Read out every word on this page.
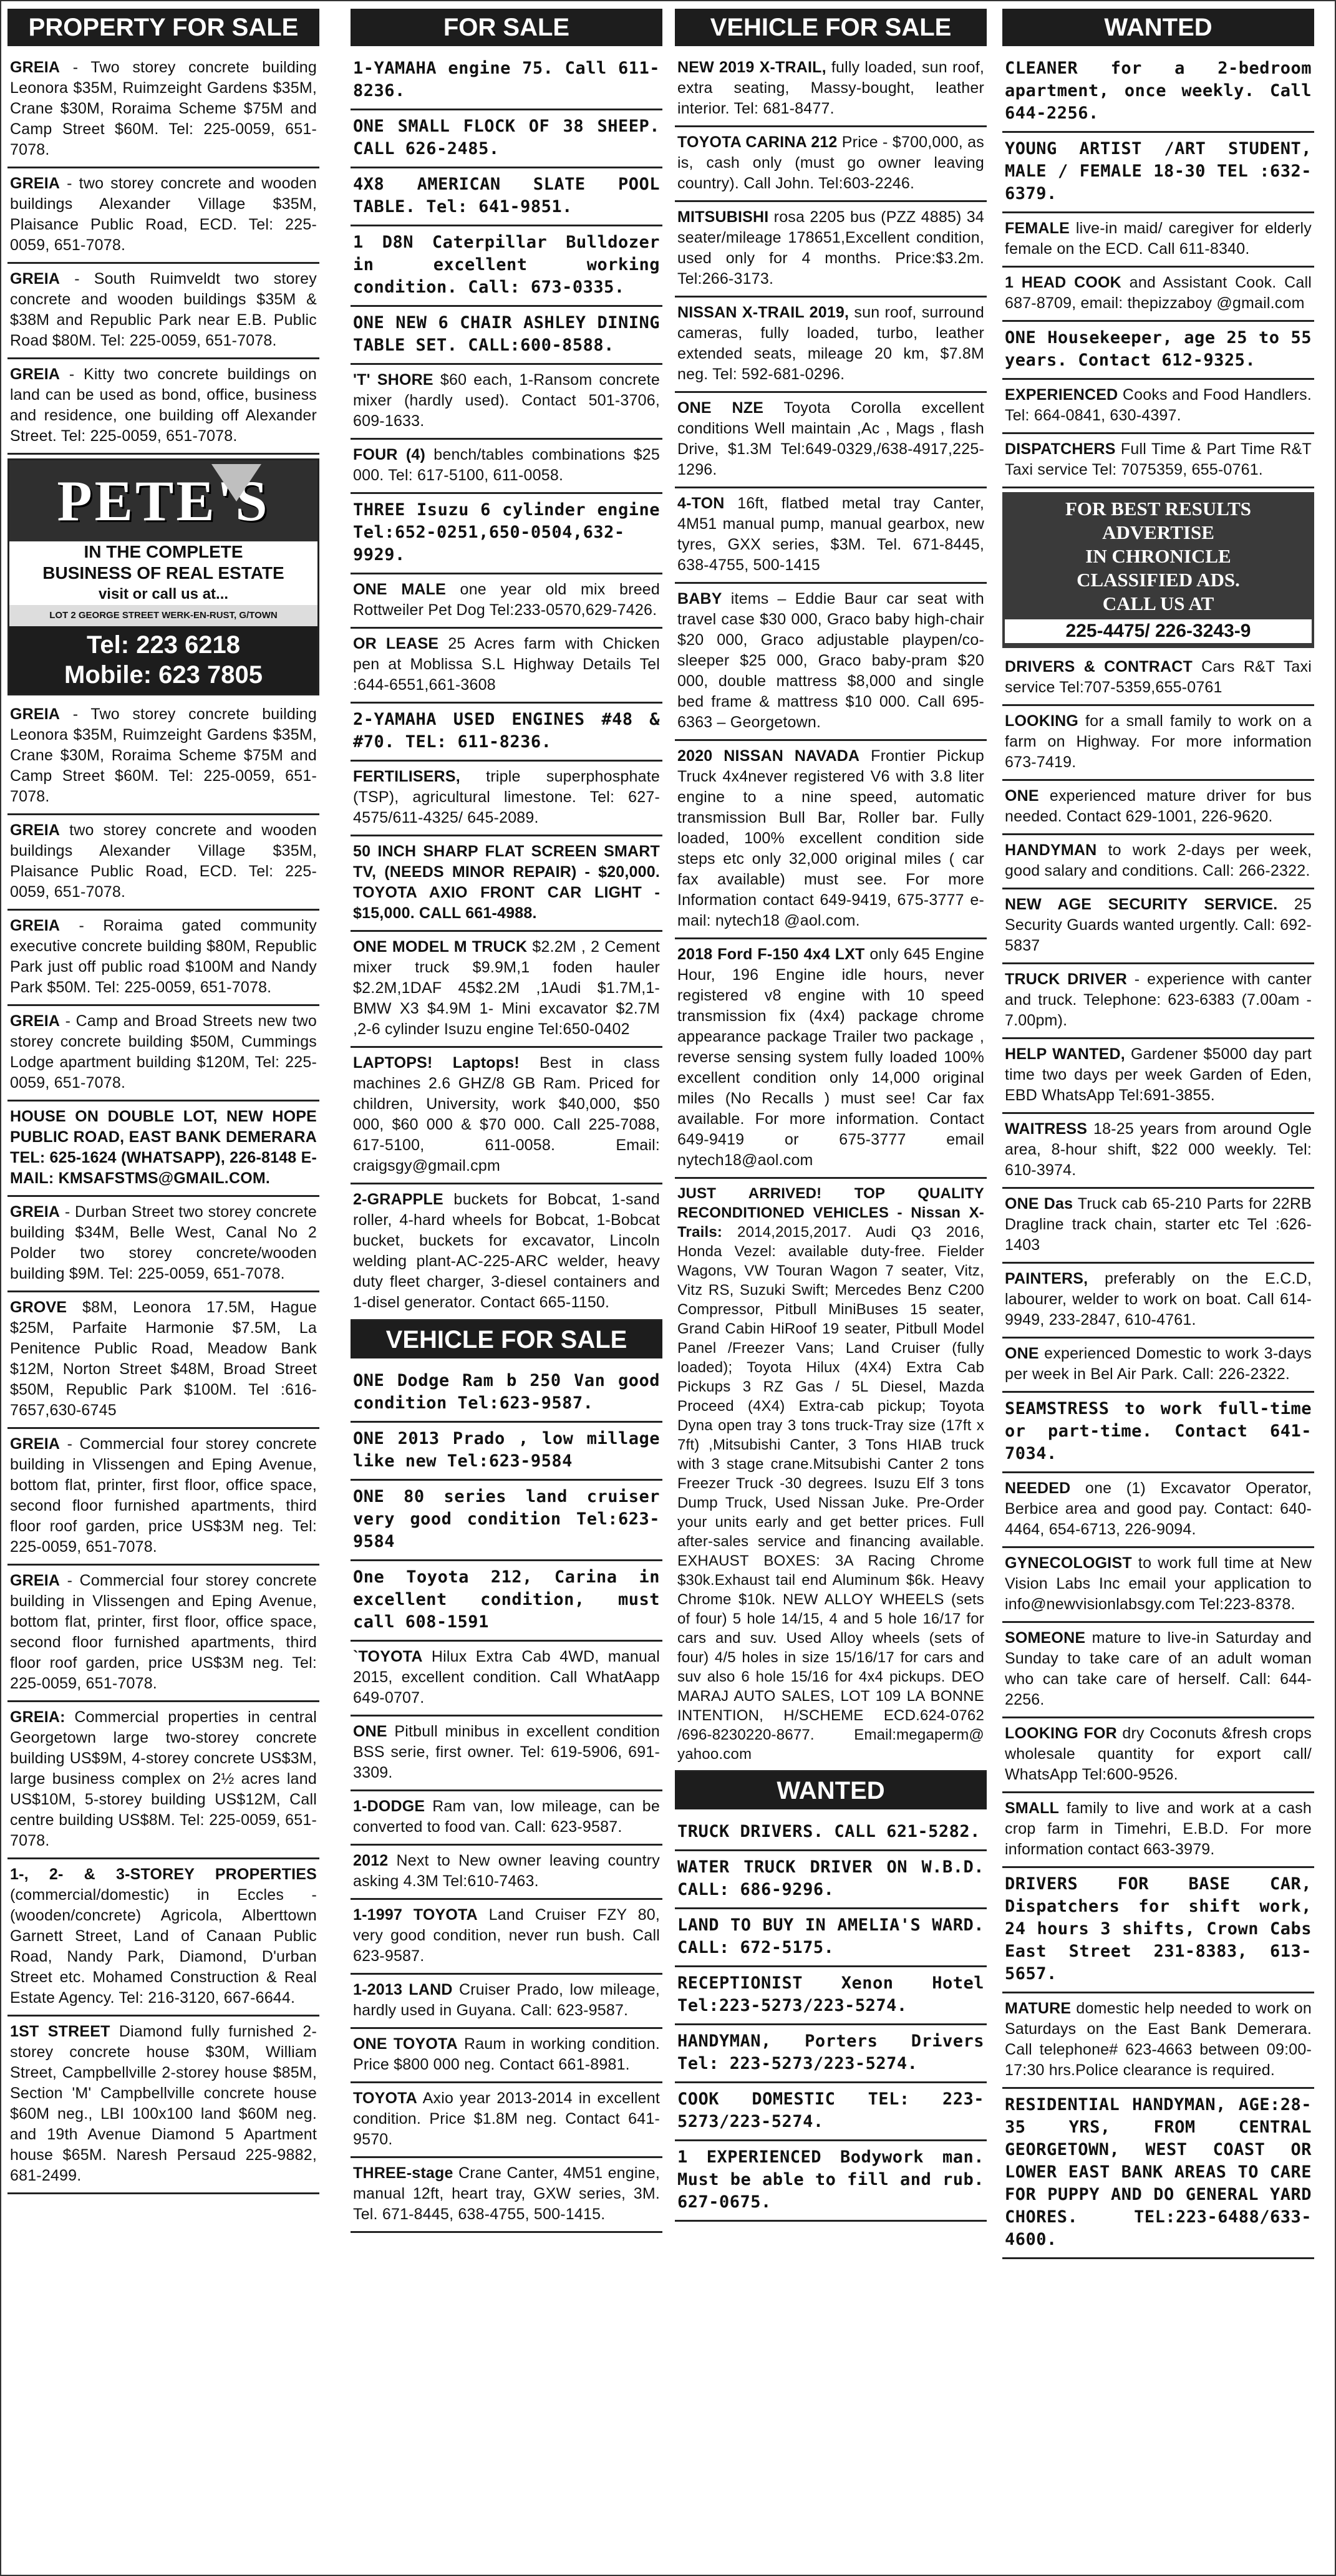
PROPERTY FOR SALE
GREIA - Two storey concrete building Leonora $35M, Ruimzeight Gardens $35M, Crane $30M, Roraima Scheme $75M and Camp Street $60M. Tel: 225-0059, 651-7078.
GREIA - two storey concrete and wooden buildings Alexander Village $35M, Plaisance Public Road, ECD. Tel: 225-0059, 651-7078.
GREIA - South Ruimveldt two storey concrete and wooden buildings $35M & $38M and Republic Park near E.B. Public Road $80M. Tel: 225-0059, 651-7078.
GREIA - Kitty two concrete buildings on land can be used as bond, office, business and residence, one building off Alexander Street. Tel: 225-0059, 651-7078.
PETE'S
IN THE COMPLETE
BUSINESS OF REAL ESTATE
visit or call us at...
LOT 2 GEORGE STREET WERK-EN-RUST, G/TOWN
Tel: 223 6218
Mobile: 623 7805
GREIA - Two storey concrete building Leonora $35M, Ruimzeight Gardens $35M, Crane $30M, Roraima Scheme $75M and Camp Street $60M. Tel: 225-0059, 651-7078.
GREIA two storey concrete and wooden buildings Alexander Village $35M, Plaisance Public Road, ECD. Tel: 225-0059, 651-7078.
GREIA - Roraima gated community executive concrete building $80M, Republic Park just off public road $100M and Nandy Park $50M. Tel: 225-0059, 651-7078.
GREIA - Camp and Broad Streets new two storey concrete building $50M, Cummings Lodge apartment building $120M, Tel: 225-0059, 651-7078.
HOUSE ON DOUBLE LOT, NEW HOPE PUBLIC ROAD, EAST BANK DEMERARA TEL: 625-1624 (WHATSAPP), 226-8148 E-MAIL: KMSAFSTMS@GMAIL.COM.
GREIA - Durban Street two storey concrete building $34M, Belle West, Canal No 2 Polder two storey concrete/wooden building $9M. Tel: 225-0059, 651-7078.
GROVE $8M, Leonora 17.5M, Hague $25M, Parfaite Harmonie $7.5M, La Penitence Public Road, Meadow Bank $12M, Norton Street $48M, Broad Street $50M, Republic Park $100M. Tel :616-7657,630-6745
GREIA - Commercial four storey concrete building in Vlissengen and Eping Avenue, bottom flat, printer, first floor, office space, second floor furnished apartments, third floor roof garden, price US$3M neg. Tel: 225-0059, 651-7078.
GREIA - Commercial four storey concrete building in Vlissengen and Eping Avenue, bottom flat, printer, first floor, office space, second floor furnished apartments, third floor roof garden, price US$3M neg. Tel: 225-0059, 651-7078.
GREIA: Commercial properties in central Georgetown large two-storey concrete building US$9M, 4-storey concrete US$3M, large business complex on 2½ acres land US$10M, 5-storey building US$12M, Call centre building US$8M. Tel: 225-0059, 651-7078.
1-, 2- & 3-STOREY PROPERTIES (commercial/domestic) in Eccles - (wooden/concrete) Agricola, Alberttown Garnett Street, Land of Canaan Public Road, Nandy Park, Diamond, D'urban Street etc. Mohamed Construction & Real Estate Agency. Tel: 216-3120, 667-6644.
1ST STREET Diamond fully furnished 2-storey concrete house $30M, William Street, Campbellville 2-storey house $85M, Section 'M' Campbellville concrete house $60M neg., LBI 100x100 land $60M neg. and 19th Avenue Diamond 5 Apartment house $65M. Naresh Persaud 225-9882, 681-2499.
FOR SALE
1-YAMAHA engine 75. Call 611-8236.
ONE SMALL FLOCK OF 38 SHEEP. CALL 626-2485.
4X8 AMERICAN SLATE POOL TABLE. Tel: 641-9851.
1 D8N Caterpillar Bulldozer in excellent working condition. Call: 673-0335.
ONE NEW 6 CHAIR ASHLEY DINING TABLE SET. CALL:600-8588.
'T' SHORE $60 each, 1-Ransom concrete mixer (hardly used). Contact 501-3706, 609-1633.
FOUR (4) bench/tables combinations $25 000. Tel: 617-5100, 611-0058.
THREE Isuzu 6 cylinder engine Tel:652-0251,650-0504,632-9929.
ONE MALE one year old mix breed Rottweiler Pet Dog Tel:233-0570,629-7426.
OR LEASE 25 Acres farm with Chicken pen at Moblissa S.L Highway Details Tel :644-6551,661-3608
2-YAMAHA USED ENGINES #48 & #70. TEL: 611-8236.
FERTILISERS, triple superphosphate (TSP), agricultural limestone. Tel: 627-4575/611-4325/ 645-2089.
50 INCH SHARP FLAT SCREEN SMART TV, (NEEDS MINOR REPAIR) - $20,000. TOYOTA AXIO FRONT CAR LIGHT - $15,000. CALL 661-4988.
ONE MODEL M TRUCK $2.2M , 2 Cement mixer truck $9.9M,1 foden hauler $2.2M,1DAF 45$2.2M ,1Audi $1.7M,1-BMW X3 $4.9M 1- Mini excavator $2.7M ,2-6 cylinder Isuzu engine Tel:650-0402
LAPTOPS! Laptops! Best in class machines 2.6 GHZ/8 GB Ram. Priced for children, University, work $40,000, $50 000, $60 000 & $70 000. Call 225-7088, 617-5100, 611-0058. Email: craigsgy@gmail.cpm
2-GRAPPLE buckets for Bobcat, 1-sand roller, 4-hard wheels for Bobcat, 1-Bobcat bucket, buckets for excavator, Lincoln welding plant-AC-225-ARC welder, heavy duty fleet charger, 3-diesel containers and 1-disel generator. Contact 665-1150.
VEHICLE FOR SALE
ONE Dodge Ram b 250 Van good condition Tel:623-9587.
ONE 2013 Prado , low millage like new Tel:623-9584
ONE 80 series land cruiser very good condition Tel:623-9584
One Toyota 212, Carina in excellent condition, must call 608-1591
`TOYOTA Hilux Extra Cab 4WD, manual 2015, excellent condition. Call WhatAapp 649-0707.
ONE Pitbull minibus in excellent condition BSS serie, first owner. Tel: 619-5906, 691-3309.
1-DODGE Ram van, low mileage, can be converted to food van. Call: 623-9587.
2012 Next to New owner leaving country asking 4.3M Tel:610-7463.
1-1997 TOYOTA Land Cruiser FZY 80, very good condition, never run bush. Call 623-9587.
1-2013 LAND Cruiser Prado, low mileage, hardly used in Guyana. Call: 623-9587.
ONE TOYOTA Raum in working condition. Price $800 000 neg. Contact 661-8981.
TOYOTA Axio year 2013-2014 in excellent condition. Price $1.8M neg. Contact 641-9570.
THREE-stage Crane Canter, 4M51 engine, manual 12ft, heart tray, GXW series, 3M. Tel. 671-8445, 638-4755, 500-1415.
VEHICLE FOR SALE
NEW 2019 X-TRAIL, fully loaded, sun roof, extra seating, Massy-bought, leather interior. Tel: 681-8477.
TOYOTA CARINA 212 Price - $700,000, as is, cash only (must go owner leaving country). Call John. Tel:603-2246.
MITSUBISHI rosa 2205 bus (PZZ 4885) 34 seater/mileage 178651,Excellent condition, used only for 4 months. Price:$3.2m. Tel:266-3173.
NISSAN X-TRAIL 2019, sun roof, surround cameras, fully loaded, turbo, leather extended seats, mileage 20 km, $7.8M neg. Tel: 592-681-0296.
ONE NZE Toyota Corolla excellent conditions Well maintain ,Ac , Mags , flash Drive, $1.3M Tel:649-0329,/638-4917,225-1296.
4-TON 16ft, flatbed metal tray Canter, 4M51 manual pump, manual gearbox, new tyres, GXX series, $3M. Tel. 671-8445, 638-4755, 500-1415
BABY items – Eddie Baur car seat with travel case $30 000, Graco baby high-chair $20 000, Graco adjustable playpen/co-sleeper $25 000, Graco baby-pram $20 000, double mattress $8,000 and single bed frame & mattress $10 000. Call 695-6363 – Georgetown.
2020 NISSAN NAVADA Frontier Pickup Truck 4x4never registered V6 with 3.8 liter engine to a nine speed, automatic transmission Bull Bar, Roller bar. Fully loaded, 100% excellent condition side steps etc only 32,000 original miles ( car fax available) must see. For more Information contact 649-9419, 675-3777 e-mail: nytech18 @aol.com.
2018 Ford F-150 4x4 LXT only 645 Engine Hour, 196 Engine idle hours, never registered v8 engine with 10 speed transmission fix (4x4) package chrome appearance package Trailer two package , reverse sensing system fully loaded 100% excellent condition only 14,000 original miles (No Recalls ) must see! Car fax available. For more information. Contact 649-9419 or 675-3777 email nytech18@aol.com
JUST ARRIVED! TOP QUALITY RECONDITIONED VEHICLES - Nissan X-Trails: 2014,2015,2017. Audi Q3 2016, Honda Vezel: available duty-free. Fielder Wagons, VW Touran Wagon 7 seater, Vitz, Vitz RS, Suzuki Swift; Mercedes Benz C200 Compressor, Pitbull MiniBuses 15 seater, Grand Cabin HiRoof 19 seater, Pitbull Model Panel /Freezer Vans; Land Cruiser (fully loaded); Toyota Hilux (4X4) Extra Cab Pickups 3 RZ Gas / 5L Diesel, Mazda Proceed (4X4) Extra-cab pickup; Toyota Dyna open tray 3 tons truck-Tray size (17ft x 7ft) ,Mitsubishi Canter, 3 Tons HIAB truck with 3 stage crane.Mitsubishi Canter 2 tons Freezer Truck -30 degrees. Isuzu Elf 3 tons Dump Truck, Used Nissan Juke. Pre-Order your units early and get better prices. Full after-sales service and financing available. EXHAUST BOXES: 3A Racing Chrome $30k.Exhaust tail end Aluminum $6k. Heavy Chrome $10k. NEW ALLOY WHEELS (sets of four) 5 hole 14/15, 4 and 5 hole 16/17 for cars and suv. Used Alloy wheels (sets of four) 4/5 holes in size 15/16/17 for cars and suv also 6 hole 15/16 for 4x4 pickups. DEO MARAJ AUTO SALES, LOT 109 LA BONNE INTENTION, H/SCHEME ECD.624-0762 /696-8230220-8677. Email:megaperm@ yahoo.com
WANTED
TRUCK DRIVERS. CALL 621-5282.
WATER TRUCK DRIVER ON W.B.D. CALL: 686-9296.
LAND TO BUY IN AMELIA'S WARD. CALL: 672-5175.
RECEPTIONIST Xenon Hotel Tel:223-5273/223-5274.
HANDYMAN, Porters Drivers Tel: 223-5273/223-5274.
COOK DOMESTIC TEL: 223-5273/223-5274.
1 EXPERIENCED Bodywork man. Must be able to fill and rub. 627-0675.
WANTED
CLEANER for a 2-bedroom apartment, once weekly. Call 644-2256.
YOUNG ARTIST /ART STUDENT, MALE / FEMALE 18-30 TEL :632-6379.
FEMALE live-in maid/ caregiver for elderly female on the ECD. Call 611-8340.
1 HEAD COOK and Assistant Cook. Call 687-8709, email: thepizzaboy @gmail.com
ONE Housekeeper, age 25 to 55 years. Contact 612-9325.
EXPERIENCED Cooks and Food Handlers. Tel: 664-0841, 630-4397.
DISPATCHERS Full Time & Part Time R&T Taxi service Tel: 7075359, 655-0761.
FOR BEST RESULTS
ADVERTISE
IN CHRONICLE
CLASSIFIED ADS.
CALL US AT
225-4475/ 226-3243-9
DRIVERS & CONTRACT Cars R&T Taxi service Tel:707-5359,655-0761
LOOKING for a small family to work on a farm on Highway. For more information 673-7419.
ONE experienced mature driver for bus needed. Contact 629-1001, 226-9620.
HANDYMAN to work 2-days per week, good salary and conditions. Call: 266-2322.
NEW AGE SECURITY SERVICE. 25 Security Guards wanted urgently. Call: 692-5837
TRUCK DRIVER - experience with canter and truck. Telephone: 623-6383 (7.00am - 7.00pm).
HELP WANTED, Gardener $5000 day part time two days per week Garden of Eden, EBD WhatsApp Tel:691-3855.
WAITRESS 18-25 years from around Ogle area, 8-hour shift, $22 000 weekly. Tel: 610-3974.
ONE Das Truck cab 65-210 Parts for 22RB Dragline track chain, starter etc Tel :626-1403
PAINTERS, preferably on the E.C.D, labourer, welder to work on boat. Call 614-9949, 233-2847, 610-4761.
ONE experienced Domestic to work 3-days per week in Bel Air Park. Call: 226-2322.
SEAMSTRESS to work full-time or part-time. Contact 641-7034.
NEEDED one (1) Excavator Operator, Berbice area and good pay. Contact: 640-4464, 654-6713, 226-9094.
GYNECOLOGIST to work full time at New Vision Labs Inc email your application to info@newvisionlabsgy.com Tel:223-8378.
SOMEONE mature to live-in Saturday and Sunday to take care of an adult woman who can take care of herself. Call: 644-2256.
LOOKING FOR dry Coconuts &fresh crops wholesale quantity for export call/ WhatsApp Tel:600-9526.
SMALL family to live and work at a cash crop farm in Timehri, E.B.D. For more information contact 663-3979.
DRIVERS FOR BASE CAR, Dispatchers for shift work, 24 hours 3 shifts, Crown Cabs East Street 231-8383, 613-5657.
MATURE domestic help needed to work on Saturdays on the East Bank Demerara. Call telephone# 623-4663 between 09:00- 17:30 hrs.Police clearance is required.
RESIDENTIAL HANDYMAN, AGE:28-35 YRS, FROM CENTRAL GEORGETOWN, WEST COAST OR LOWER EAST BANK AREAS TO CARE FOR PUPPY AND DO GENERAL YARD CHORES. TEL:223-6488/633-4600.
